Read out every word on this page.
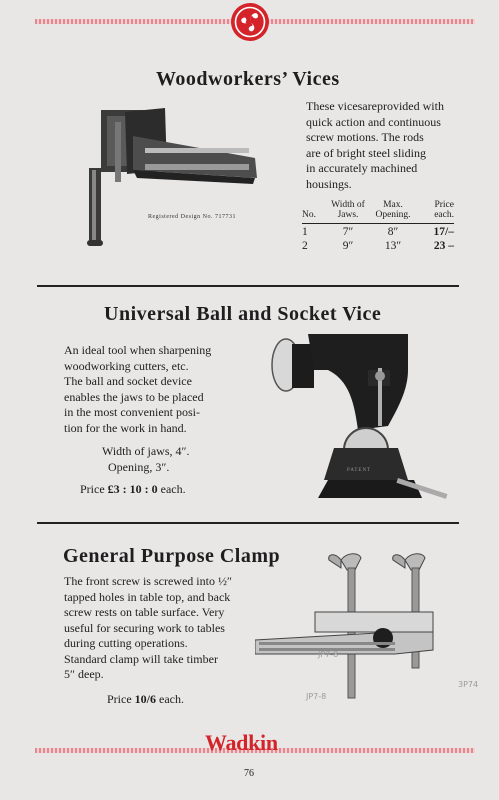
Woodworkers’ Vices
Registered Design No. 717731
These vicesareprovided with
quick action and continuous
screw motions. The rods
are of bright steel sliding
in accurately machined
housings.
No.	Width of Jaws.	Max. Opening.	Price each.
1	7″	8″	17/–
2	9″	13″	23 –
Universal Ball and Socket Vice
An ideal tool when sharpening
woodworking cutters, etc.
The ball and socket device
enables the jaws to be placed
in the most convenient posi-
tion for the work in hand.
Width of jaws, 4″.
Opening, 3″.
Price £3 : 10 : 0 each.
PATENT
General Purpose Clamp
The front screw is screwed into ½″
tapped holes in table top, and back
screw rests on table surface. Very
useful for securing work to tables
during cutting operations.
Standard clamp will take timber
5″ deep.
Price 10/6 each.
3P74
JP7-8
JP7-8
Wadkin
76
